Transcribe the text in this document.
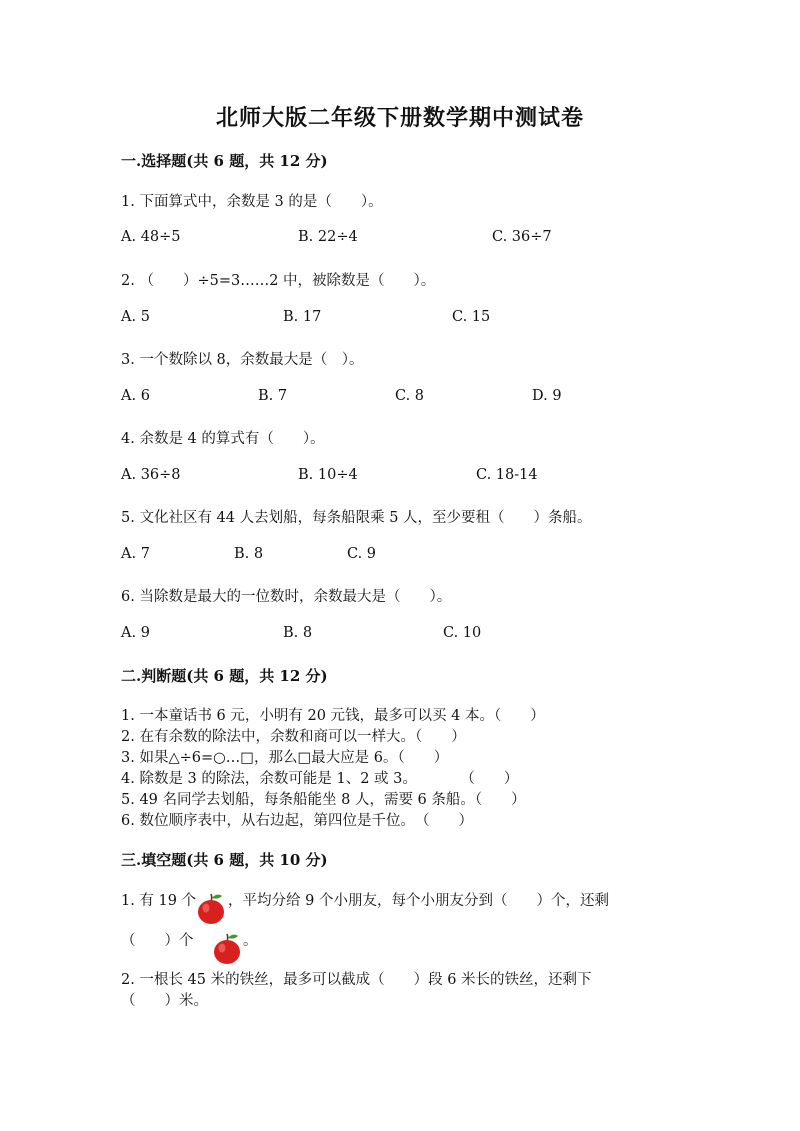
北师大版二年级下册数学期中测试卷
一.选择题(共 6 题，共 12 分)
1. 下面算式中，余数是 3 的是（　　）。
A. 48÷5	B. 22÷4	C. 36÷7
2. （　　）÷5=3……2 中，被除数是（　　）。
A. 5	B. 17	C. 15
3. 一个数除以 8，余数最大是（　）。
A. 6	B. 7	C. 8	D. 9
4. 余数是 4 的算式有（　　）。
A. 36÷8	B. 10÷4	C. 18-14
5. 文化社区有 44 人去划船，每条船限乘 5 人，至少要租（　　）条船。
A. 7	B. 8	C. 9
6. 当除数是最大的一位数时，余数最大是（　　）。
A. 9	B. 8	C. 10
二.判断题(共 6 题，共 12 分)
1. 一本童话书 6 元，小明有 20 元钱，最多可以买 4 本。（　　）
2. 在有余数的除法中，余数和商可以一样大。（　　）
3. 如果△÷6=○…□，那么□最大应是 6。（　　）
4. 除数是 3 的除法，余数可能是 1、2 或 3。　　　　（　　）
5. 49 名同学去划船，每条船能坐 8 人，需要 6 条船。（　　）
6. 数位顺序表中，从右边起，第四位是千位。　（　　）
三.填空题(共 6 题，共 10 分)
1. 有 19 个 ，平均分给 9 个小朋友，每个小朋友分到（　　）个，还剩
（　　）个	。
2. 一根长 45 米的铁丝，最多可以截成（　　）段 6 米长的铁丝，还剩下
（　　）米。
